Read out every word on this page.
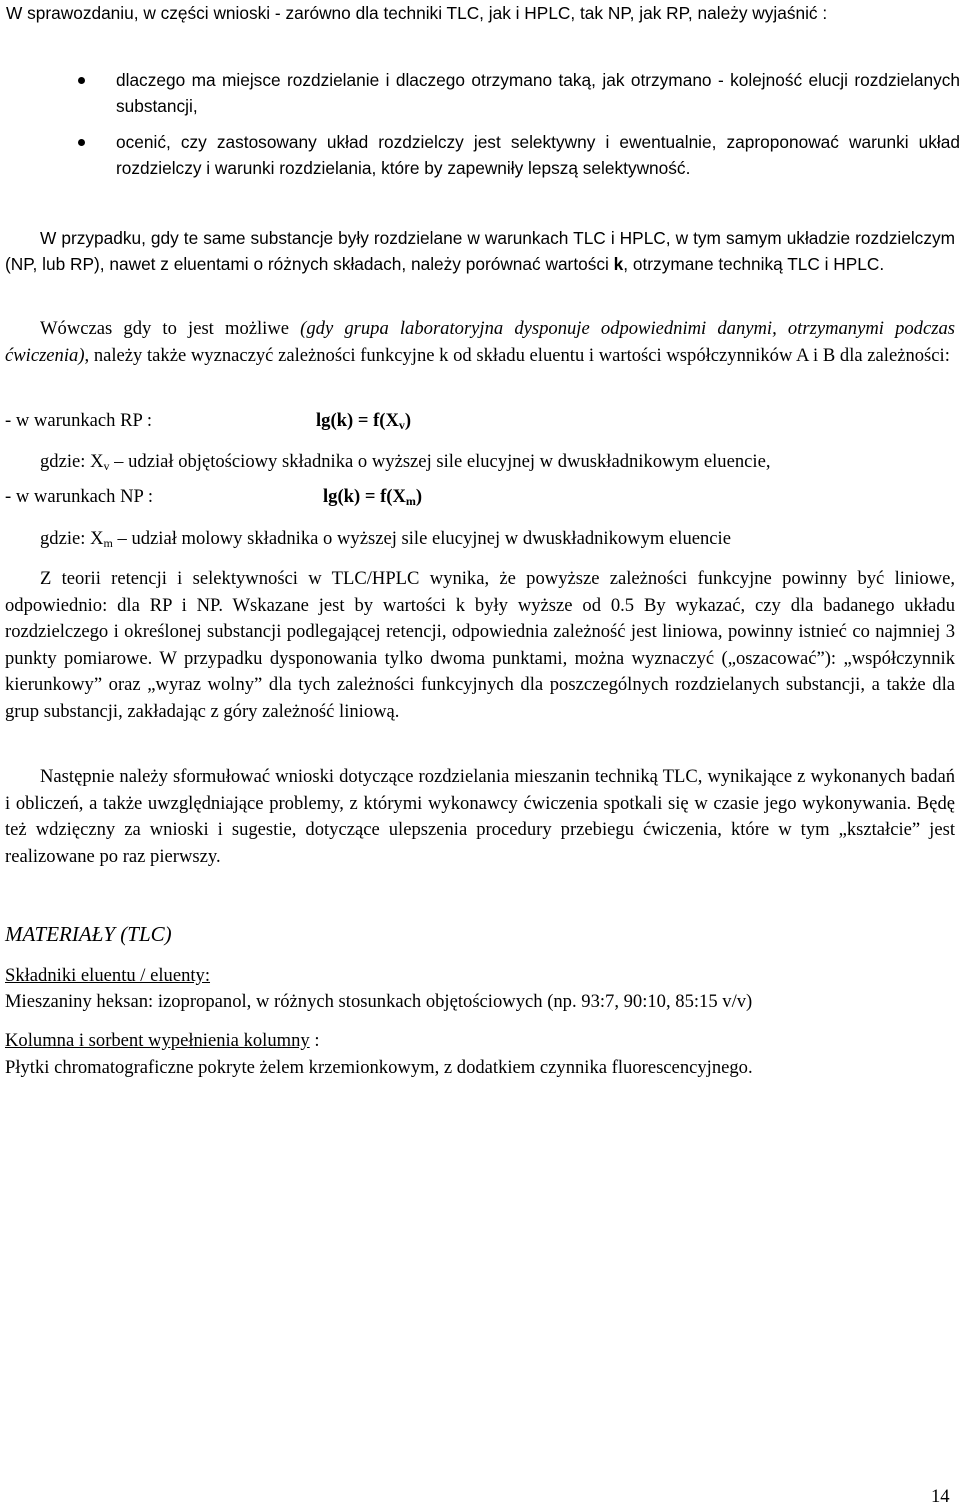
W sprawozdaniu, w części wnioski - zarówno dla techniki TLC, jak i HPLC, tak NP, jak RP, należy wyjaśnić :

dlaczego ma miejsce rozdzielanie i dlaczego otrzymano taką, jak otrzymano - kolejność elucji rozdzielanych substancji,
ocenić, czy zastosowany układ rozdzielczy jest selektywny i ewentualnie, zaproponować warunki układ rozdzielczy i warunki rozdzielania, które by zapewniły lepszą selektywność.

W przypadku, gdy te same substancje były rozdzielane w warunkach TLC i HPLC, w tym samym układzie rozdzielczym (NP, lub RP), nawet z eluentami o różnych składach, należy porównać wartości k, otrzymane techniką TLC i HPLC.

Wówczas gdy to jest możliwe (gdy grupa laboratoryjna dysponuje odpowiednimi danymi, otrzymanymi podczas ćwiczenia), należy także wyznaczyć zależności funkcyjne k od składu eluentu i wartości współczynników A i B dla zależności:

- w warunkach RP :	$\lg(k) = f(X_v)$
gdzie: $X_v$ – udział objętościowy składnika o wyższej sile elucyjnej w dwuskładnikowym eluencie,
- w warunkach NP :	$\lg(k) = f(X_m)$
gdzie: $X_m$ – udział molowy składnika o wyższej sile elucyjnej w dwuskładnikowym eluencie

Z teorii retencji i selektywności w TLC/HPLC wynika, że powyższe zależności funkcyjne powinny być liniowe, odpowiednio: dla RP i NP. Wskazane jest by wartości k były wyższe od 0.5 By wykazać, czy dla badanego układu rozdzielczego i określonej substancji podlegającej retencji, odpowiednia zależność jest liniowa, powinny istnieć co najmniej 3 punkty pomiarowe. W przypadku dysponowania tylko dwoma punktami, można wyznaczyć („oszacować”): „współczynnik kierunkowy” oraz „wyraz wolny” dla tych zależności funkcyjnych dla poszczególnych rozdzielanych substancji, a także dla grup substancji, zakładając z góry zależność liniową.

Następnie należy sformułować wnioski dotyczące rozdzielania mieszanin techniką TLC, wynikające z wykonanych badań i obliczeń, a także uwzględniające problemy, z którymi wykonawcy ćwiczenia spotkali się w czasie jego wykonywania. Będę też wdzięczny za wnioski i sugestie, dotyczące ulepszenia procedury przebiegu ćwiczenia, które w tym „kształcie” jest realizowane po raz pierwszy.

MATERIAŁY (TLC)
Składniki eluentu / eluenty:
Mieszaniny heksan: izopropanol, w różnych stosunkach objętościowych (np. 93:7, 90:10, 85:15 v/v)
Kolumna i sorbent wypełnienia kolumny :
Płytki chromatograficzne pokryte żelem krzemionkowym, z dodatkiem czynnika fluorescencyjnego.
14
